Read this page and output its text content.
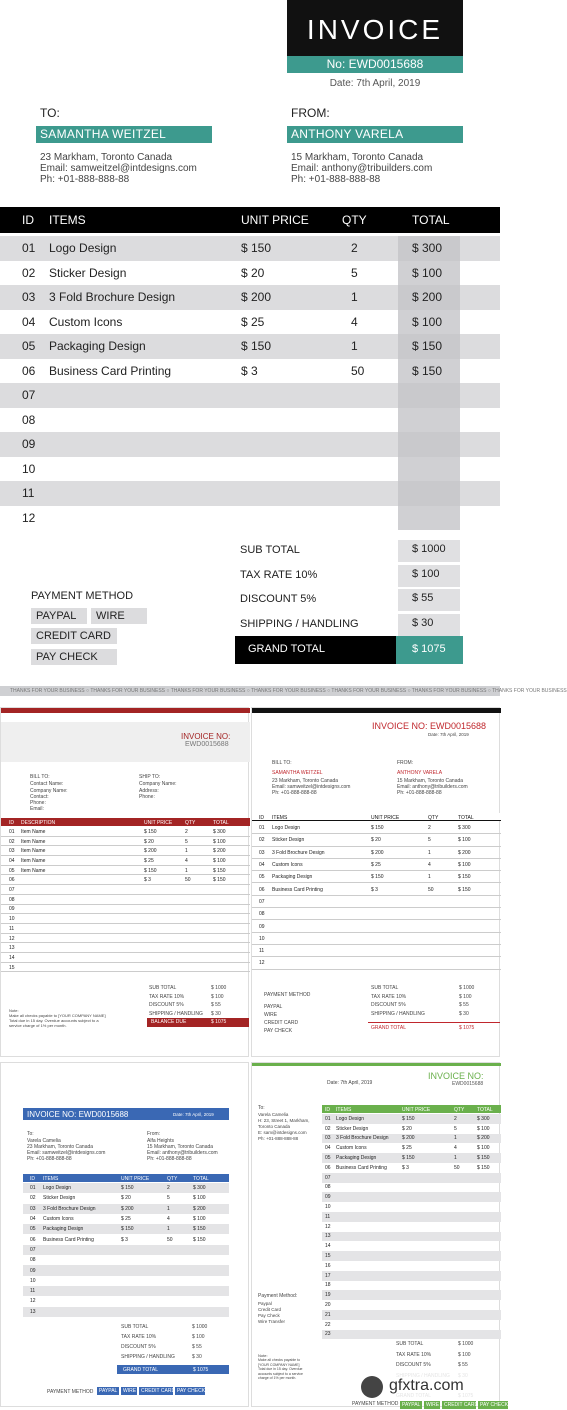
INVOICE
No: EWD0015688
Date: 7th April, 2019
TO:
SAMANTHA WEITZEL
23 Markham, Toronto Canada
Email: samweitzel@intdesigns.com
Ph: +01-888-888-88
FROM:
ANTHONY VARELA
15 Markham, Toronto Canada
Email: anthony@tribuilders.com
Ph: +01-888-888-88
ID ITEMS	UNIT PRICE	QTY	TOTAL
01 Logo Design	$ 150	2	$ 300
02 Sticker Design	$ 20	5	$ 100
03 3 Fold Brochure Design	$ 200	1	$ 200
04 Custom Icons	$ 25	4	$ 100
05 Packaging Design	$ 150	1	$ 150
06 Business Card Printing	$ 3	50	$ 150
07
08
09
10
11
12
SUB TOTAL	$ 1000
TAX RATE 10%	$ 100
DISCOUNT 5%	$ 55
SHIPPING / HANDLING	$ 30
GRAND TOTAL	$ 1075
PAYMENT METHOD
PAYPAL	WIRE
CREDIT CARD
PAY CHECK
THANKS FOR YOUR BUSINESS ○ THANKS FOR YOUR BUSINESS ○ THANKS FOR YOUR BUSINESS ○ THANKS FOR YOUR BUSINESS ○ THANKS FOR YOUR BUSINESS ○ THANKS FOR YOUR BUSINESS ○ THANKS FOR YOUR BUSINESS
INVOICE NO:
EWD0015688
BILL TO:
Contact Name:
Company Name:
Contact:
Phone:
Email:
SHIP TO:
Company Name:
Address:
Phone:
ID DESCRIPTION	UNIT PRICE	QTY	TOTAL
01 Item Name	$ 150	2	$ 300
02 Item Name	$ 20	5	$ 100
03 Item Name	$ 200	1	$ 200
04 Item Name	$ 25	4	$ 100
05 Item Name	$ 150	1	$ 150
06	$ 3	50	$ 150
07
08
09
10
11
12
13
14
15
SUB TOTAL	$ 1000
TAX RATE 10%	$ 100
DISCOUNT 5%	$ 55
SHIPPING / HANDLING $ 30
BALANCE DUE	$ 1075
Note:
Make all checks payable to [YOUR COMPANY NAME]
Total due in 15 day. Overdue accounts subject to a
service charge of 1% per month.
INVOICE NO: EWD0015688
Date: 7th April, 2019
BILL TO:
SAMANTHA WEITZEL
23 Markham, Toronto Canada
Email: samweitzel@intdesigns.com
Ph: +01-888-888-88
FROM:
ANTHONY VARELA
15 Markham, Toronto Canada
Email: anthony@tribuilders.com
Ph: +01-888-888-88
ID ITEMS	UNIT PRICE	QTY	TOTAL
01 Logo Design	$ 150	2	$ 300
02 Sticker Design	$ 20	5	$ 100
03 3 Fold Brochure Design	$ 200	1	$ 200
04 Custom Icons	$ 25	4	$ 100
05 Packaging Design	$ 150	1	$ 150
06 Business Card Printing	$ 3	50	$ 150
07
08
09
10
11
12
PAYMENT METHOD
PAYPAL
WIRE
CREDIT CARD
PAY CHECK
SUB TOTAL	$ 1000
TAX RATE 10%	$ 100
DISCOUNT 5%	$ 55
SHIPPING / HANDLING	$ 30
GRAND TOTAL	$ 1075
INVOICE NO: EWD0015688	Date: 7th April, 2019
To:
Varela Camelia
23 Markham, Toronto Canada
Email: samweitzel@intdesigns.com
Ph: +01-888-888-88
From:
Alfa Heights
15 Markham, Toronto Canada
Email: anthony@tribuilders.com
Ph: +01-888-888-88
ID ITEMS	UNIT PRICE	QTY	TOTAL
01 Logo Design	$ 150	2	$ 300
02 Sticker Design	$ 20	5	$ 100
03 3 Fold Brochure Design	$ 200	1	$ 200
04 Custom Icons	$ 25	4	$ 100
05 Packaging Design	$ 150	1	$ 150
06 Business Card Printing	$ 3	50	$ 150
07
08
09
10
11
12
13
SUB TOTAL	$ 1000
TAX RATE 10%	$ 100
DISCOUNT 5%	$ 55
SHIPPING / HANDLING	$ 30
GRAND TOTAL	$ 1075
PAYMENT METHOD	PAYPAL	WIRE CREDIT CARD PAY CHECK
INVOICE NO:
EWD0015688
Date: 7th April, 2019
To:
Varela Camelia
H: 23, Street 1, Markham,
Toronto Canada
E: sam@intdesigns.com
Ph: +01-888-888-88
ID ITEMS	UNIT PRICE	QTY	TOTAL
01 Logo Design	$ 150	2	$ 300
02 Sticker Design	$ 20	5	$ 100
03 3 Fold Brochure Design	$ 200	1	$ 200
04 Custom Icons	$ 25	4	$ 100
05 Packaging Design	$ 150	1	$ 150
06 Business Card Printing	$ 3	50	$ 150
07
08
09
10
11
12
13
14
15
16
17
18
19
20
21
22
23
Payment Method:
Paypal
Credit Card
Pay Check
Wire Transfer
Note:
Make all checks payable to
[YOUR COMPANY NAME]
Total due in 15 day. Overdue
accounts subject to a service
charge of 1% per month.
SUB TOTAL	$ 1000
TAX RATE 10%	$ 100
DISCOUNT 5%	$ 55
PAYMENT METHOD PAYPAL	WIRE CREDIT CARD PAY CHECK
gfxtra.com
